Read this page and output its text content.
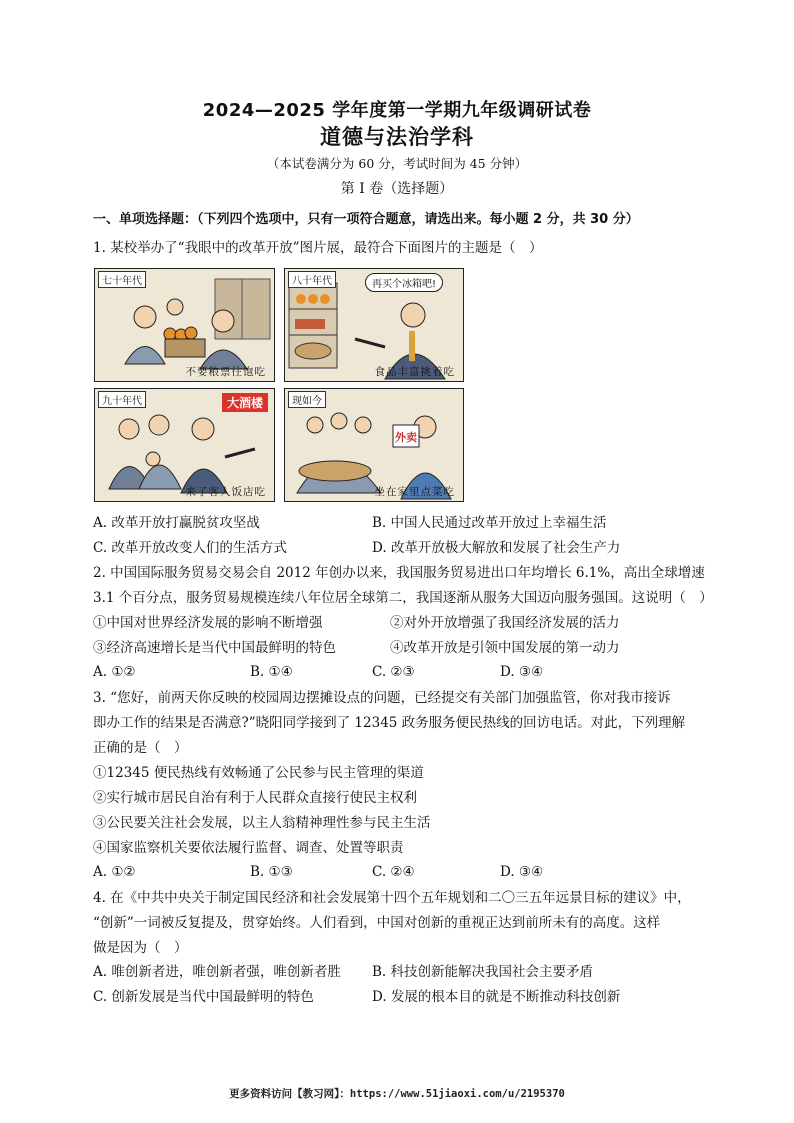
2024—2025 学年度第一学期九年级调研试卷
道德与法治学科
（本试卷满分为 60 分，考试时间为 45 分钟）
第 I 卷（选择题）
一、单项选择题：（下列四个选项中，只有一项符合题意，请选出来。每小题 2 分，共 30 分）
1. 某校举办了“我眼中的改革开放”图片展，最符合下面图片的主题是（　）
七十年代
不要粮票往饱吃
八十年代	再买个冰箱吧!
食品丰富挑着吃
九十年代	大酒楼
来了客人饭店吃
现如今
外卖
坐在家里点菜吃
A. 改革开放打赢脱贫攻坚战	B. 中国人民通过改革开放过上幸福生活
C. 改革开放改变人们的生活方式	D. 改革开放极大解放和发展了社会生产力
2. 中国国际服务贸易交易会自 2012 年创办以来，我国服务贸易进出口年均增长 6.1%，高出全球增速
3.1 个百分点，服务贸易规模连续八年位居全球第二，我国逐渐从服务大国迈向服务强国。这说明（　）
①中国对世界经济发展的影响不断增强	②对外开放增强了我国经济发展的活力
③经济高速增长是当代中国最鲜明的特色	④改革开放是引领中国发展的第一动力
A. ①②	B. ①④	C. ②③	D. ③④
3. “您好，前两天你反映的校园周边摆摊设点的问题，已经提交有关部门加强监管，你对我市接诉
即办工作的结果是否满意?”晓阳同学接到了 12345 政务服务便民热线的回访电话。对此，下列理解
正确的是（　）
①12345 便民热线有效畅通了公民参与民主管理的渠道
②实行城市居民自治有利于人民群众直接行使民主权利
③公民要关注社会发展，以主人翁精神理性参与民主生活
④国家监察机关要依法履行监督、调查、处置等职责
A. ①②	B. ①③	C. ②④	D. ③④
4. 在《中共中央关于制定国民经济和社会发展第十四个五年规划和二〇三五年远景目标的建议》中，
“创新”一词被反复提及，贯穿始终。人们看到，中国对创新的重视正达到前所未有的高度。这样
做是因为（　）
A. 唯创新者进，唯创新者强，唯创新者胜 B. 科技创新能解决我国社会主要矛盾
C. 创新发展是当代中国最鲜明的特色	D. 发展的根本目的就是不断推动科技创新
更多资料访问【教习网】：https://www.51jiaoxi.com/u/2195370
